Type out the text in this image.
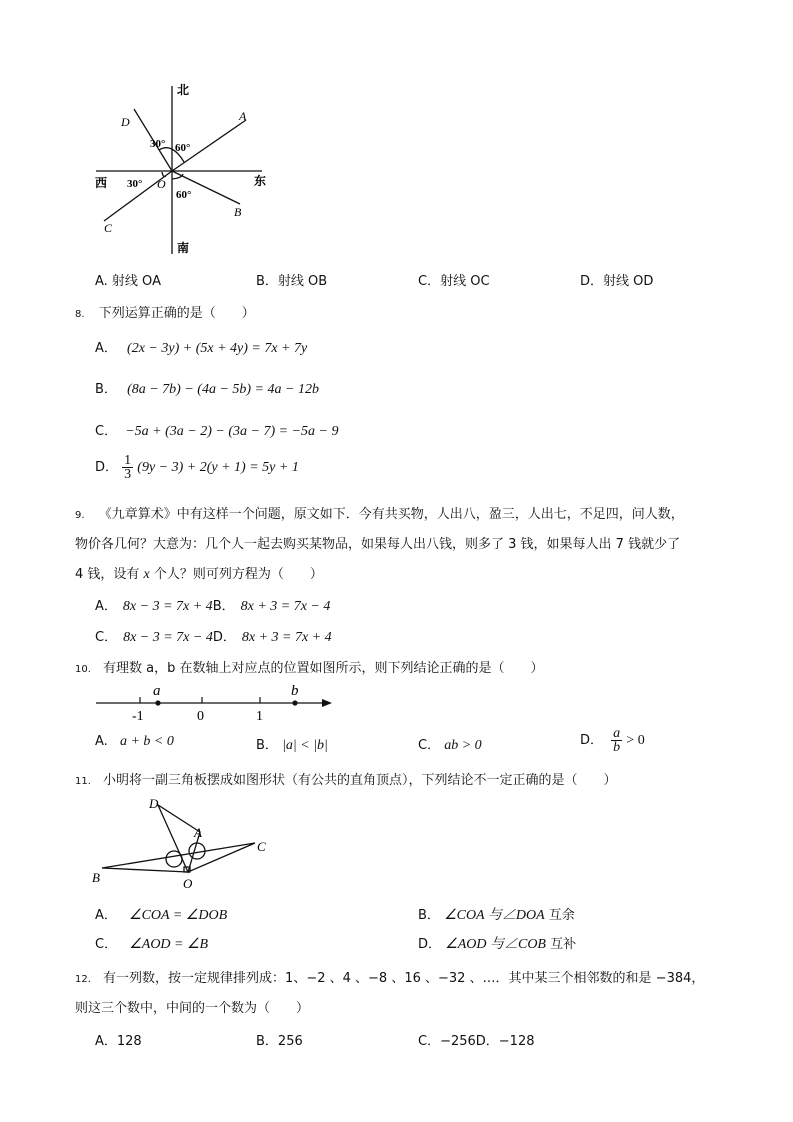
北
南
东
西
30° 60°
30°
60°
A
B
C
D
O
A. 射线 OA	B．射线 OB	C．射线 OC	D．射线 OD
8. 下列运算正确的是（　　）
A． (2x − 3y) + (5x + 4y) = 7x + 7y
B． (8a − 7b) − (4a − 5b) = 4a − 12b
C． −5a + (3a − 2) − (3a − 7) = −5a − 9
D． $\frac{1}{3} (9y - 3) + 2(y + 1) = 5y + 1$
9. 《九章算术》中有这样一个问题，原文如下．今有共买物，人出八，盈三，人出七，不足四，问人数，
物价各几何？大意为：几个人一起去购买某物品，如果每人出八钱，则多了 3 钱，如果每人出 7 钱就少了
4 钱，设有 x 个人？则可列方程为（　　）
A． 8x − 3 = 7x + 4B． 8x + 3 = 7x − 4
C． 8x − 3 = 7x − 4D． 8x + 3 = 7x + 4
10. 有理数 a，b 在数轴上对应点的位置如图所示，则下列结论正确的是（　　）
a	b
-1	0	1
A. a + b < 0	B． |a| < |b|	C． ab > 0	D． $\frac{a}{b} > 0$
11. 小明将一副三角板摆成如图形状（有公共的直角顶点），下列结论不一定正确的是（　　）
D
A
C
B	O
A． ∠COA = ∠DOB	B． ∠COA 与∠DOA 互余
C． ∠AOD = ∠B	D． ∠AOD 与∠COB 互补
12. 有一列数，按一定规律排列成：1、−2 、4 、−8 、16 、−32 、…．其中某三个相邻数的和是 −384，
则这三个数中，中间的一个数为（　　）
A．128	B．256	C．−256D．−128
